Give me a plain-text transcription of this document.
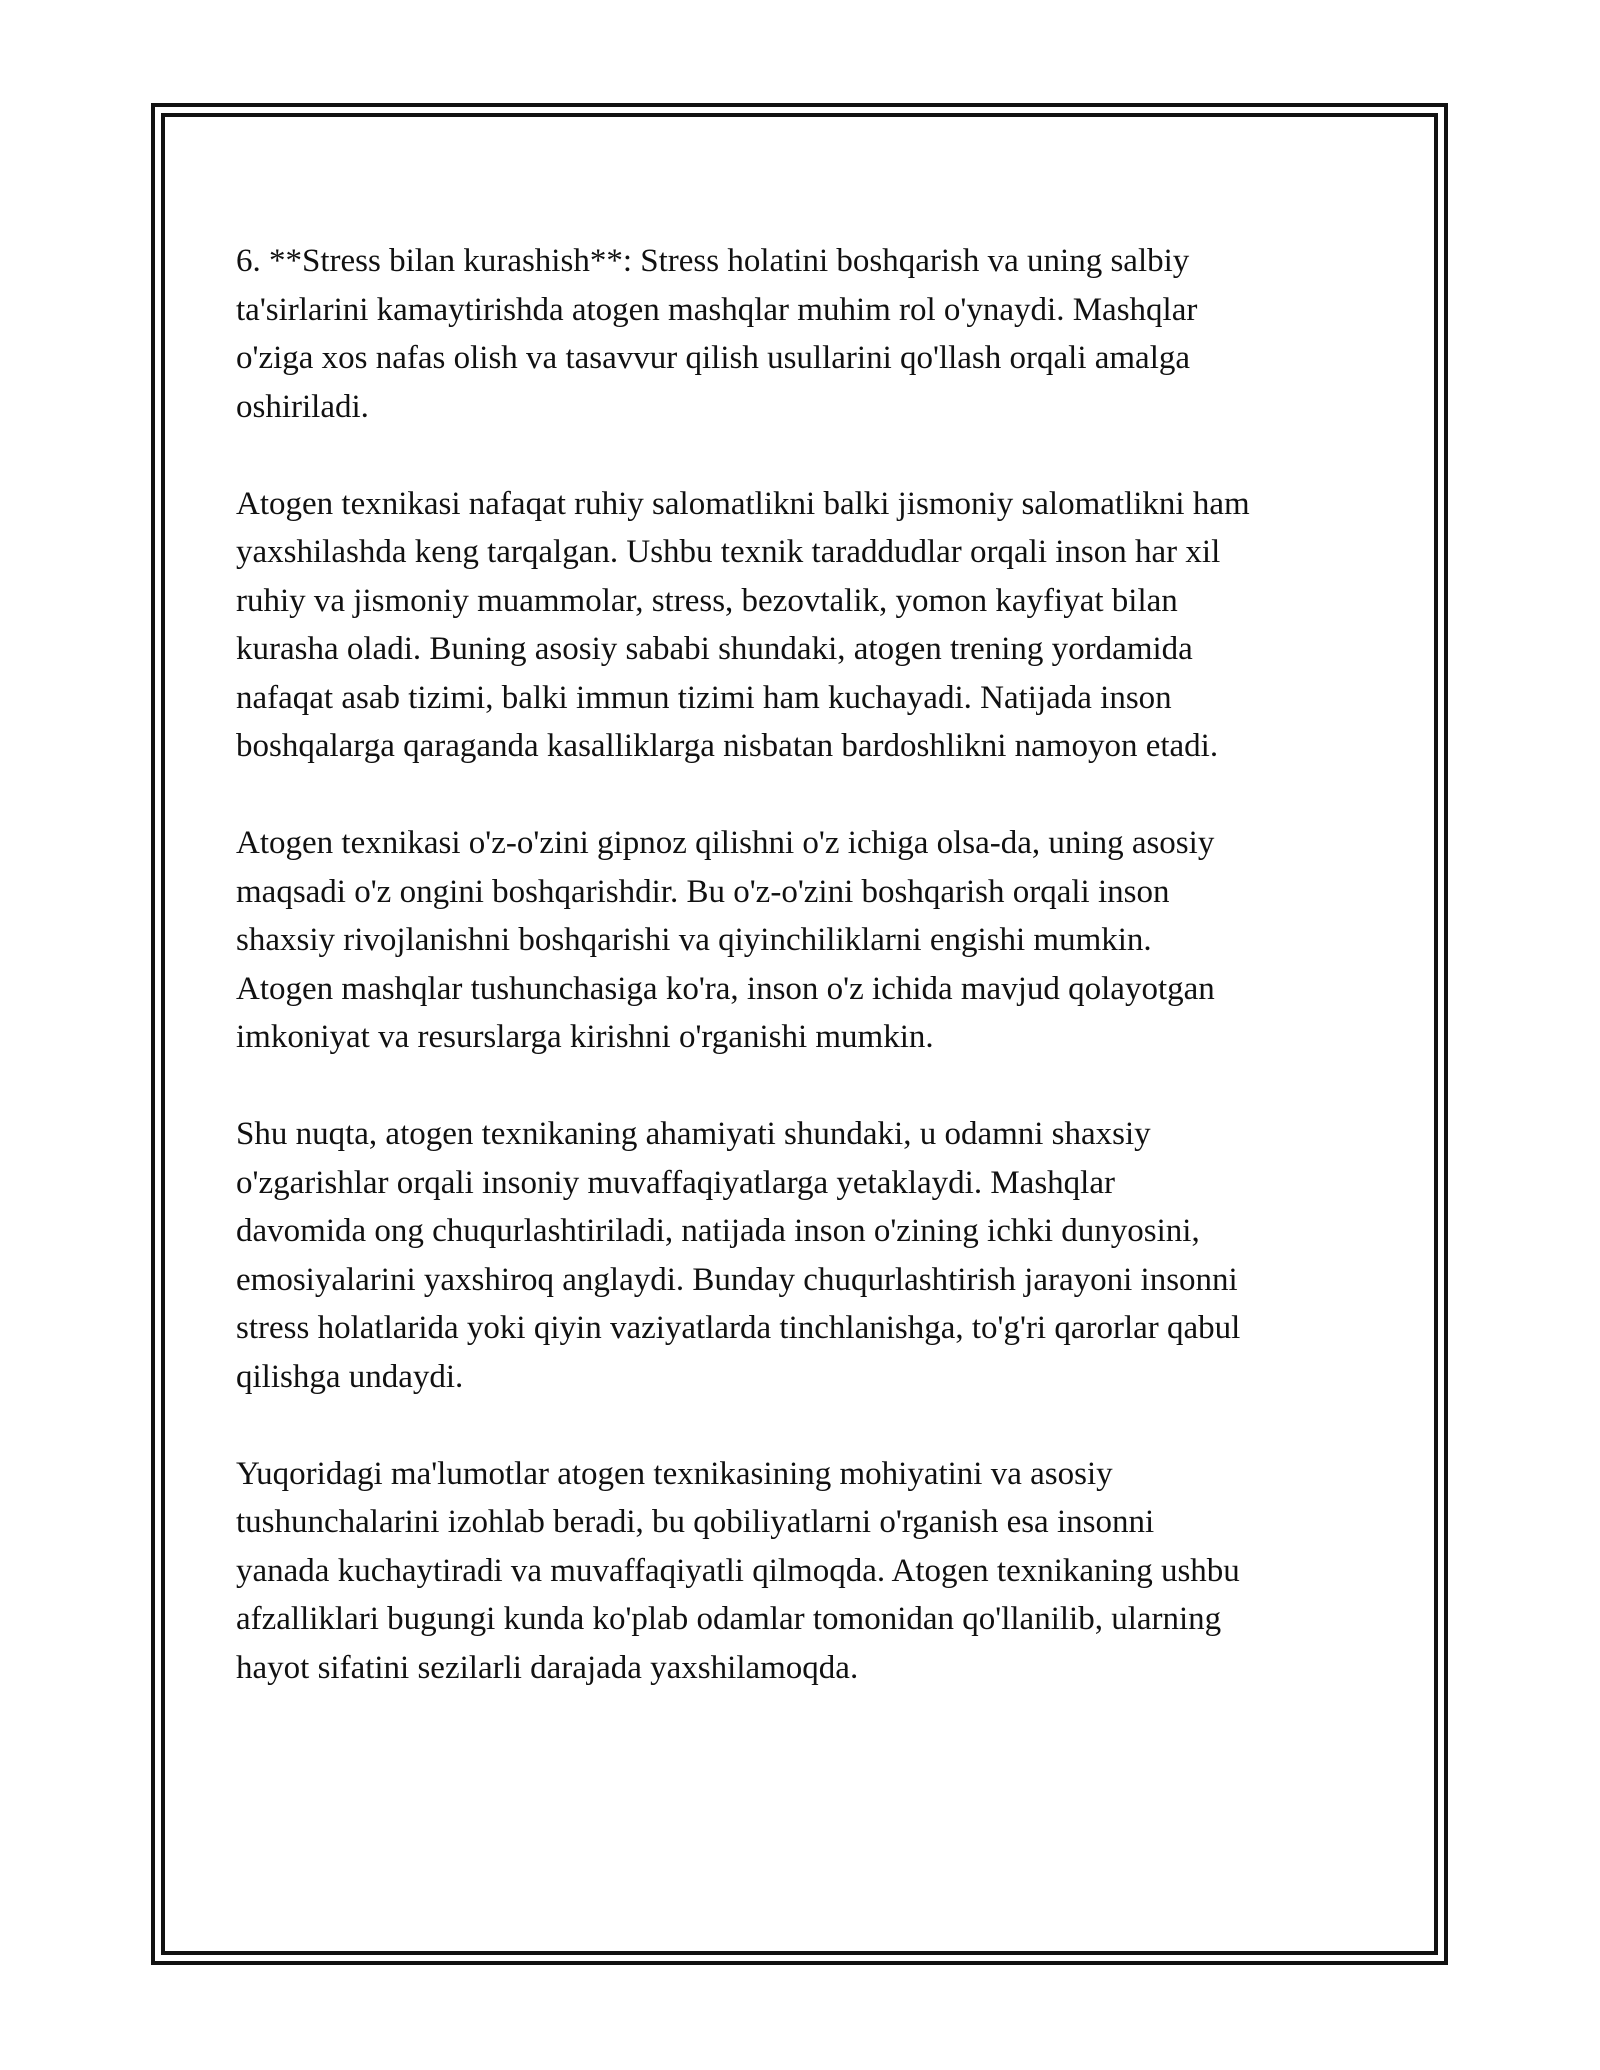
6. **Stress bilan kurashish**: Stress holatini boshqarish va uning salbiy
ta'sirlarini kamaytirishda atogen mashqlar muhim rol o'ynaydi. Mashqlar
o'ziga xos nafas olish va tasavvur qilish usullarini qo'llash orqali amalga
oshiriladi.

Atogen texnikasi nafaqat ruhiy salomatlikni balki jismoniy salomatlikni ham
yaxshilashda keng tarqalgan. Ushbu texnik taraddudlar orqali inson har xil
ruhiy va jismoniy muammolar, stress, bezovtalik, yomon kayfiyat bilan
kurasha oladi. Buning asosiy sababi shundaki, atogen trening yordamida
nafaqat asab tizimi, balki immun tizimi ham kuchayadi. Natijada inson
boshqalarga qaraganda kasalliklarga nisbatan bardoshlikni namoyon etadi.

Atogen texnikasi o'z-o'zini gipnoz qilishni o'z ichiga olsa-da, uning asosiy
maqsadi o'z ongini boshqarishdir. Bu o'z-o'zini boshqarish orqali inson
shaxsiy rivojlanishni boshqarishi va qiyinchiliklarni engishi mumkin.
Atogen mashqlar tushunchasiga ko'ra, inson o'z ichida mavjud qolayotgan
imkoniyat va resurslarga kirishni o'rganishi mumkin.

Shu nuqta, atogen texnikaning ahamiyati shundaki, u odamni shaxsiy
o'zgarishlar orqali insoniy muvaffaqiyatlarga yetaklaydi. Mashqlar
davomida ong chuqurlashtiriladi, natijada inson o'zining ichki dunyosini,
emosiyalarini yaxshiroq anglaydi. Bunday chuqurlashtirish jarayoni insonni
stress holatlarida yoki qiyin vaziyatlarda tinchlanishga, to'g'ri qarorlar qabul
qilishga undaydi.

Yuqoridagi ma'lumotlar atogen texnikasining mohiyatini va asosiy
tushunchalarini izohlab beradi, bu qobiliyatlarni o'rganish esa insonni
yanada kuchaytiradi va muvaffaqiyatli qilmoqda. Atogen texnikaning ushbu
afzalliklari bugungi kunda ko'plab odamlar tomonidan qo'llanilib, ularning
hayot sifatini sezilarli darajada yaxshilamoqda.
